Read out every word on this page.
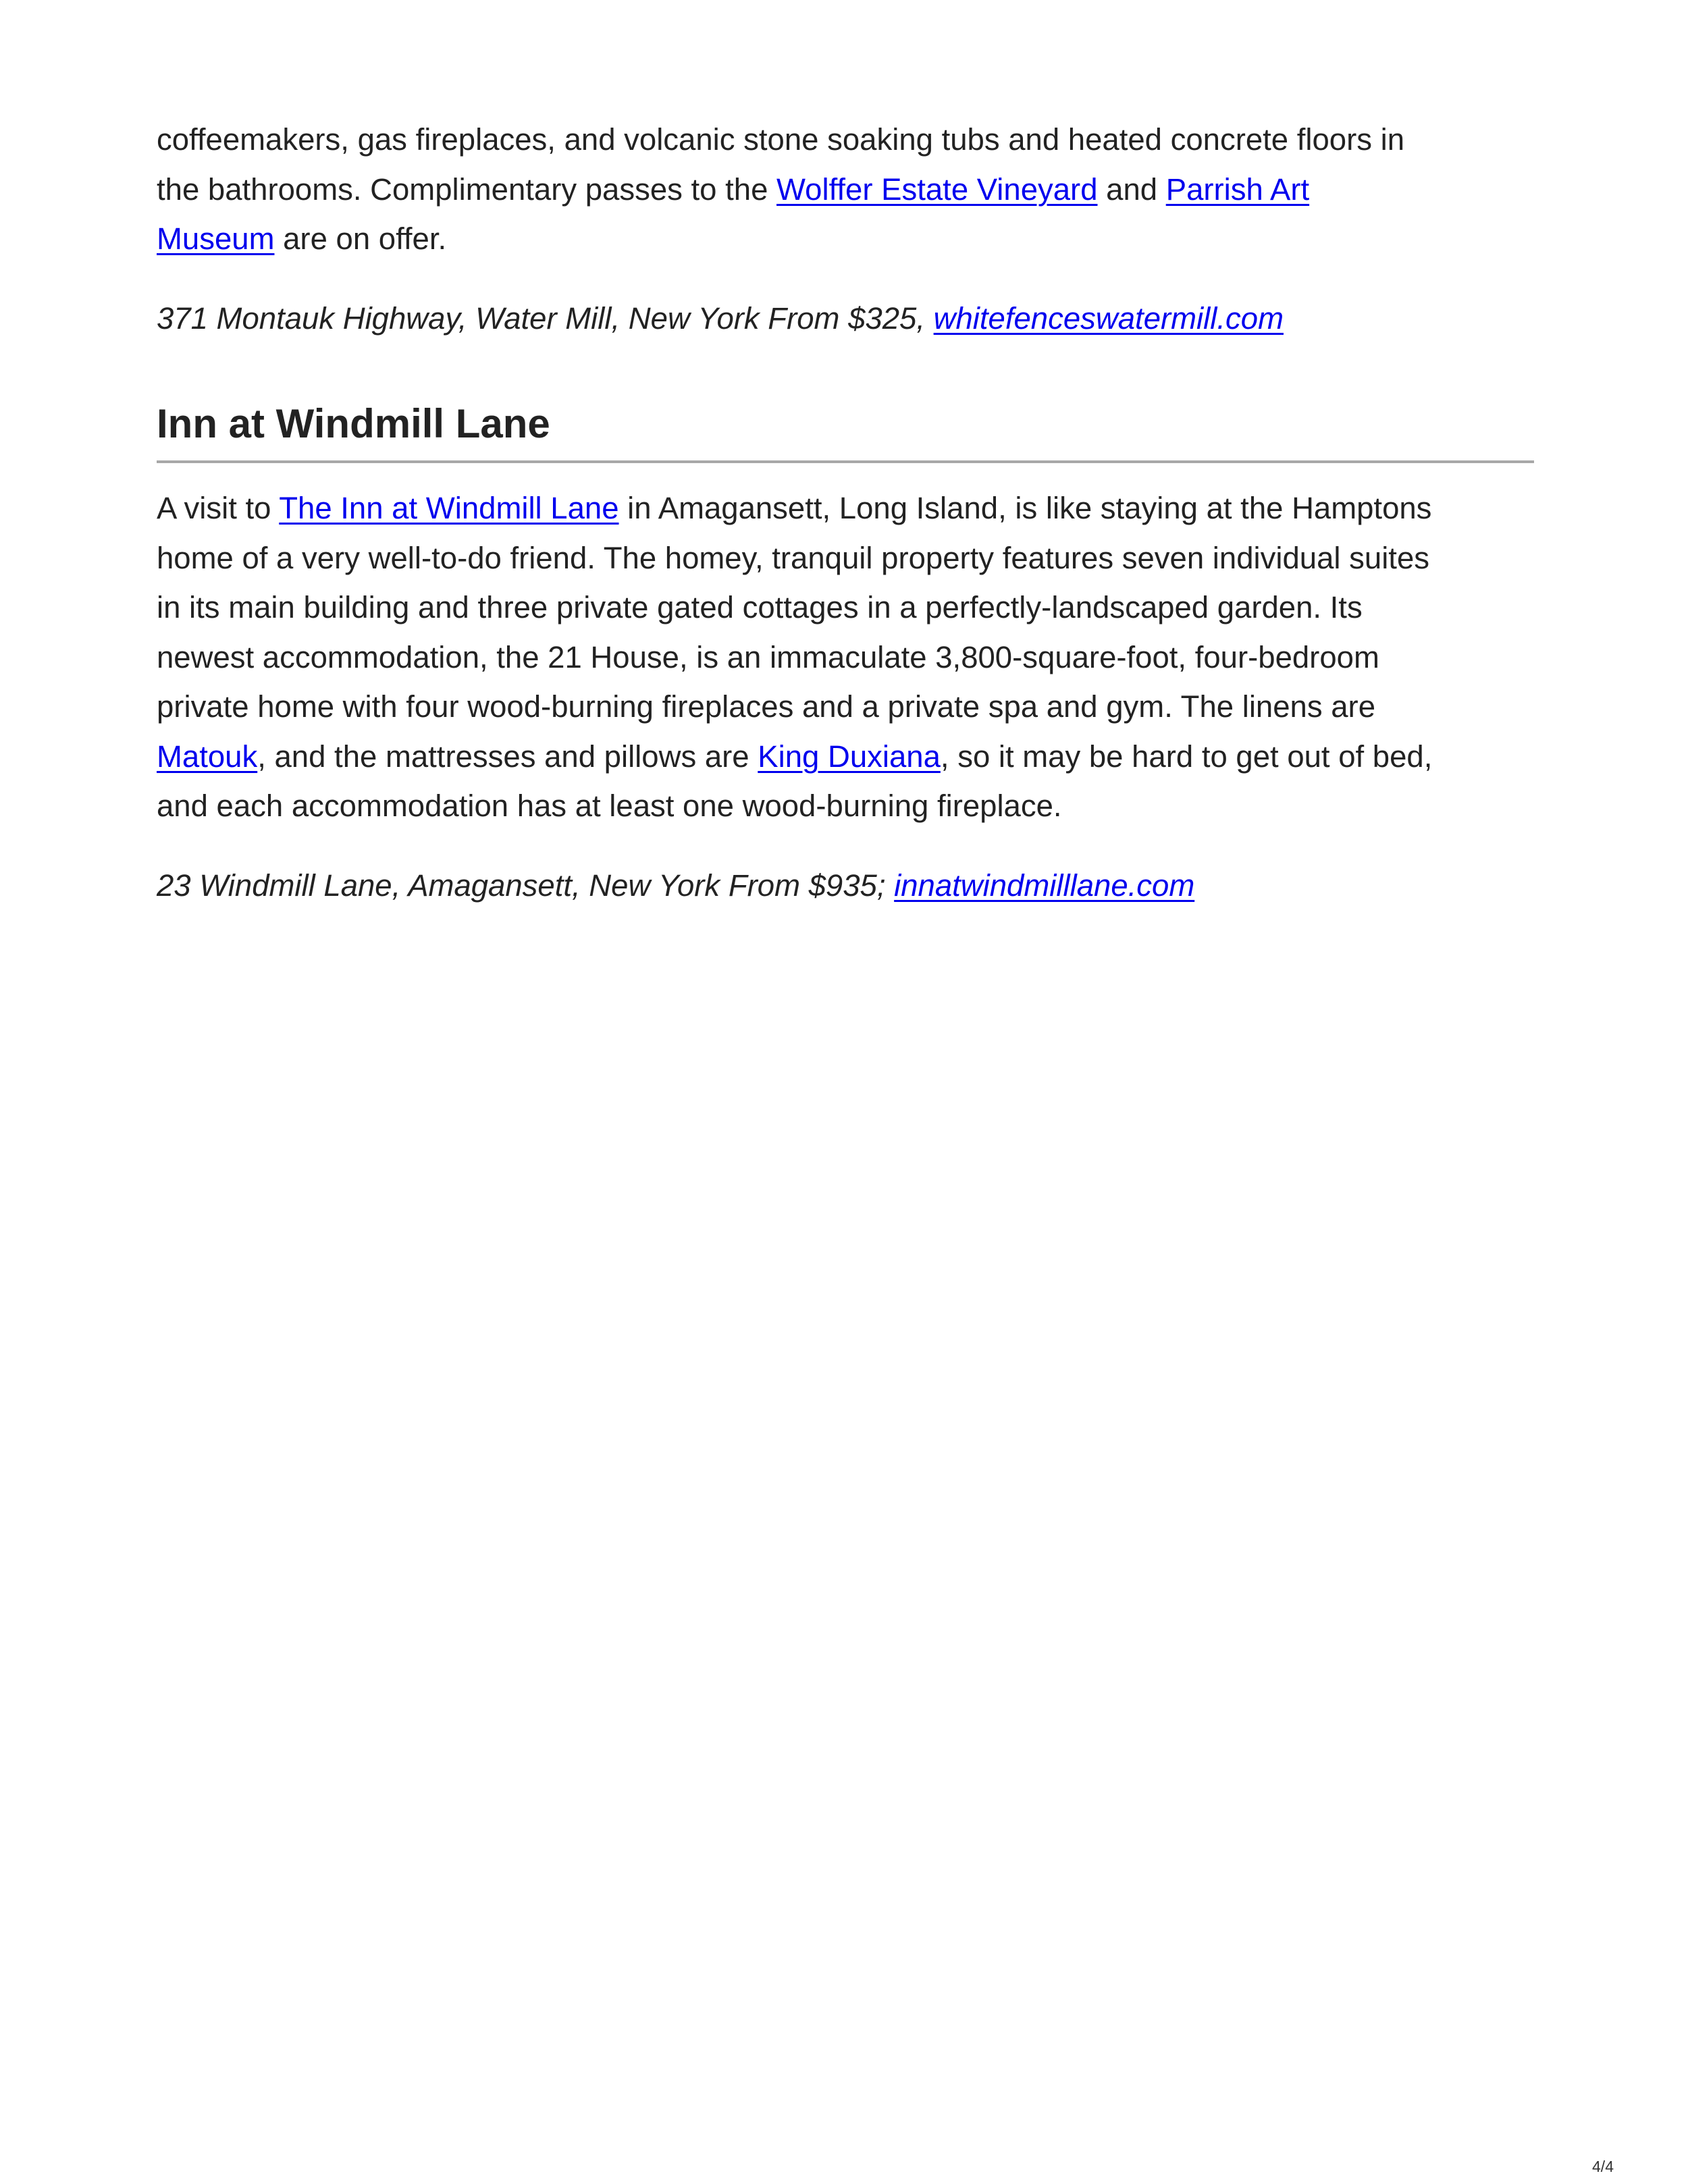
coffeemakers, gas fireplaces, and volcanic stone soaking tubs and heated concrete floors in
the bathrooms. Complimentary passes to the Wolffer Estate Vineyard and Parrish Art
Museum are on offer.

371 Montauk Highway, Water Mill, New York From $325, whitefenceswatermill.com

Inn at Windmill Lane

A visit to The Inn at Windmill Lane in Amagansett, Long Island, is like staying at the Hamptons
home of a very well-to-do friend. The homey, tranquil property features seven individual suites
in its main building and three private gated cottages in a perfectly-landscaped garden. Its
newest accommodation, the 21 House, is an immaculate 3,800-square-foot, four-bedroom
private home with four wood-burning fireplaces and a private spa and gym. The linens are
Matouk, and the mattresses and pillows are King Duxiana, so it may be hard to get out of bed,
and each accommodation has at least one wood-burning fireplace.

23 Windmill Lane, Amagansett, New York From $935; innatwindmilllane.com

4/4
